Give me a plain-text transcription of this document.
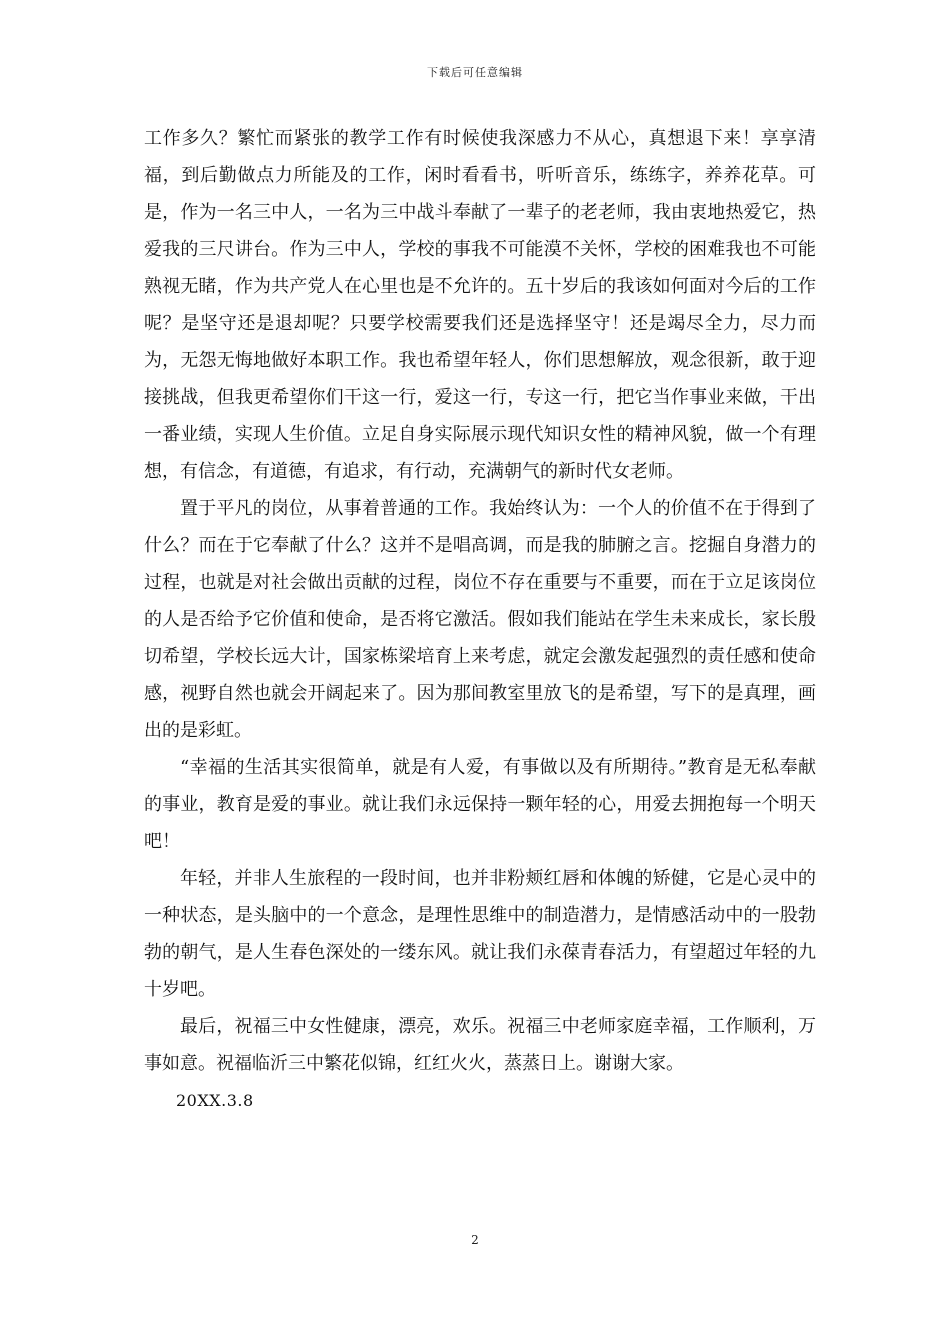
下载后可任意编辑

工作多久？繁忙而紧张的教学工作有时候使我深感力不从心，真想退下来！享享清福，到后勤做点力所能及的工作，闲时看看书，听听音乐，练练字，养养花草。可是，作为一名三中人，一名为三中战斗奉献了一辈子的老老师，我由衷地热爱它，热爱我的三尺讲台。作为三中人，学校的事我不可能漠不关怀，学校的困难我也不可能熟视无睹，作为共产党人在心里也是不允许的。五十岁后的我该如何面对今后的工作呢？是坚守还是退却呢？只要学校需要我们还是选择坚守！还是竭尽全力，尽力而为，无怨无悔地做好本职工作。我也希望年轻人，你们思想解放，观念很新，敢于迎接挑战，但我更希望你们干这一行，爱这一行，专这一行，把它当作事业来做，干出一番业绩，实现人生价值。立足自身实际展示现代知识女性的精神风貌，做一个有理想，有信念，有道德，有追求，有行动，充满朝气的新时代女老师。

置于平凡的岗位，从事着普通的工作。我始终认为：一个人的价值不在于得到了什么？而在于它奉献了什么？这并不是唱高调，而是我的肺腑之言。挖掘自身潜力的过程，也就是对社会做出贡献的过程，岗位不存在重要与不重要，而在于立足该岗位的人是否给予它价值和使命，是否将它激活。假如我们能站在学生未来成长，家长殷切希望，学校长远大计，国家栋梁培育上来考虑，就定会激发起强烈的责任感和使命感，视野自然也就会开阔起来了。因为那间教室里放飞的是希望，写下的是真理，画出的是彩虹。

“幸福的生活其实很简单，就是有人爱，有事做以及有所期待。”教育是无私奉献的事业，教育是爱的事业。就让我们永远保持一颗年轻的心，用爱去拥抱每一个明天吧！

年轻，并非人生旅程的一段时间，也并非粉颊红唇和体魄的矫健，它是心灵中的一种状态，是头脑中的一个意念，是理性思维中的制造潜力，是情感活动中的一股勃勃的朝气，是人生春色深处的一缕东风。就让我们永葆青春活力，有望超过年轻的九十岁吧。

最后，祝福三中女性健康，漂亮，欢乐。祝福三中老师家庭幸福，工作顺利，万事如意。祝福临沂三中繁花似锦，红红火火，蒸蒸日上。谢谢大家。

20XX.3.8

2
